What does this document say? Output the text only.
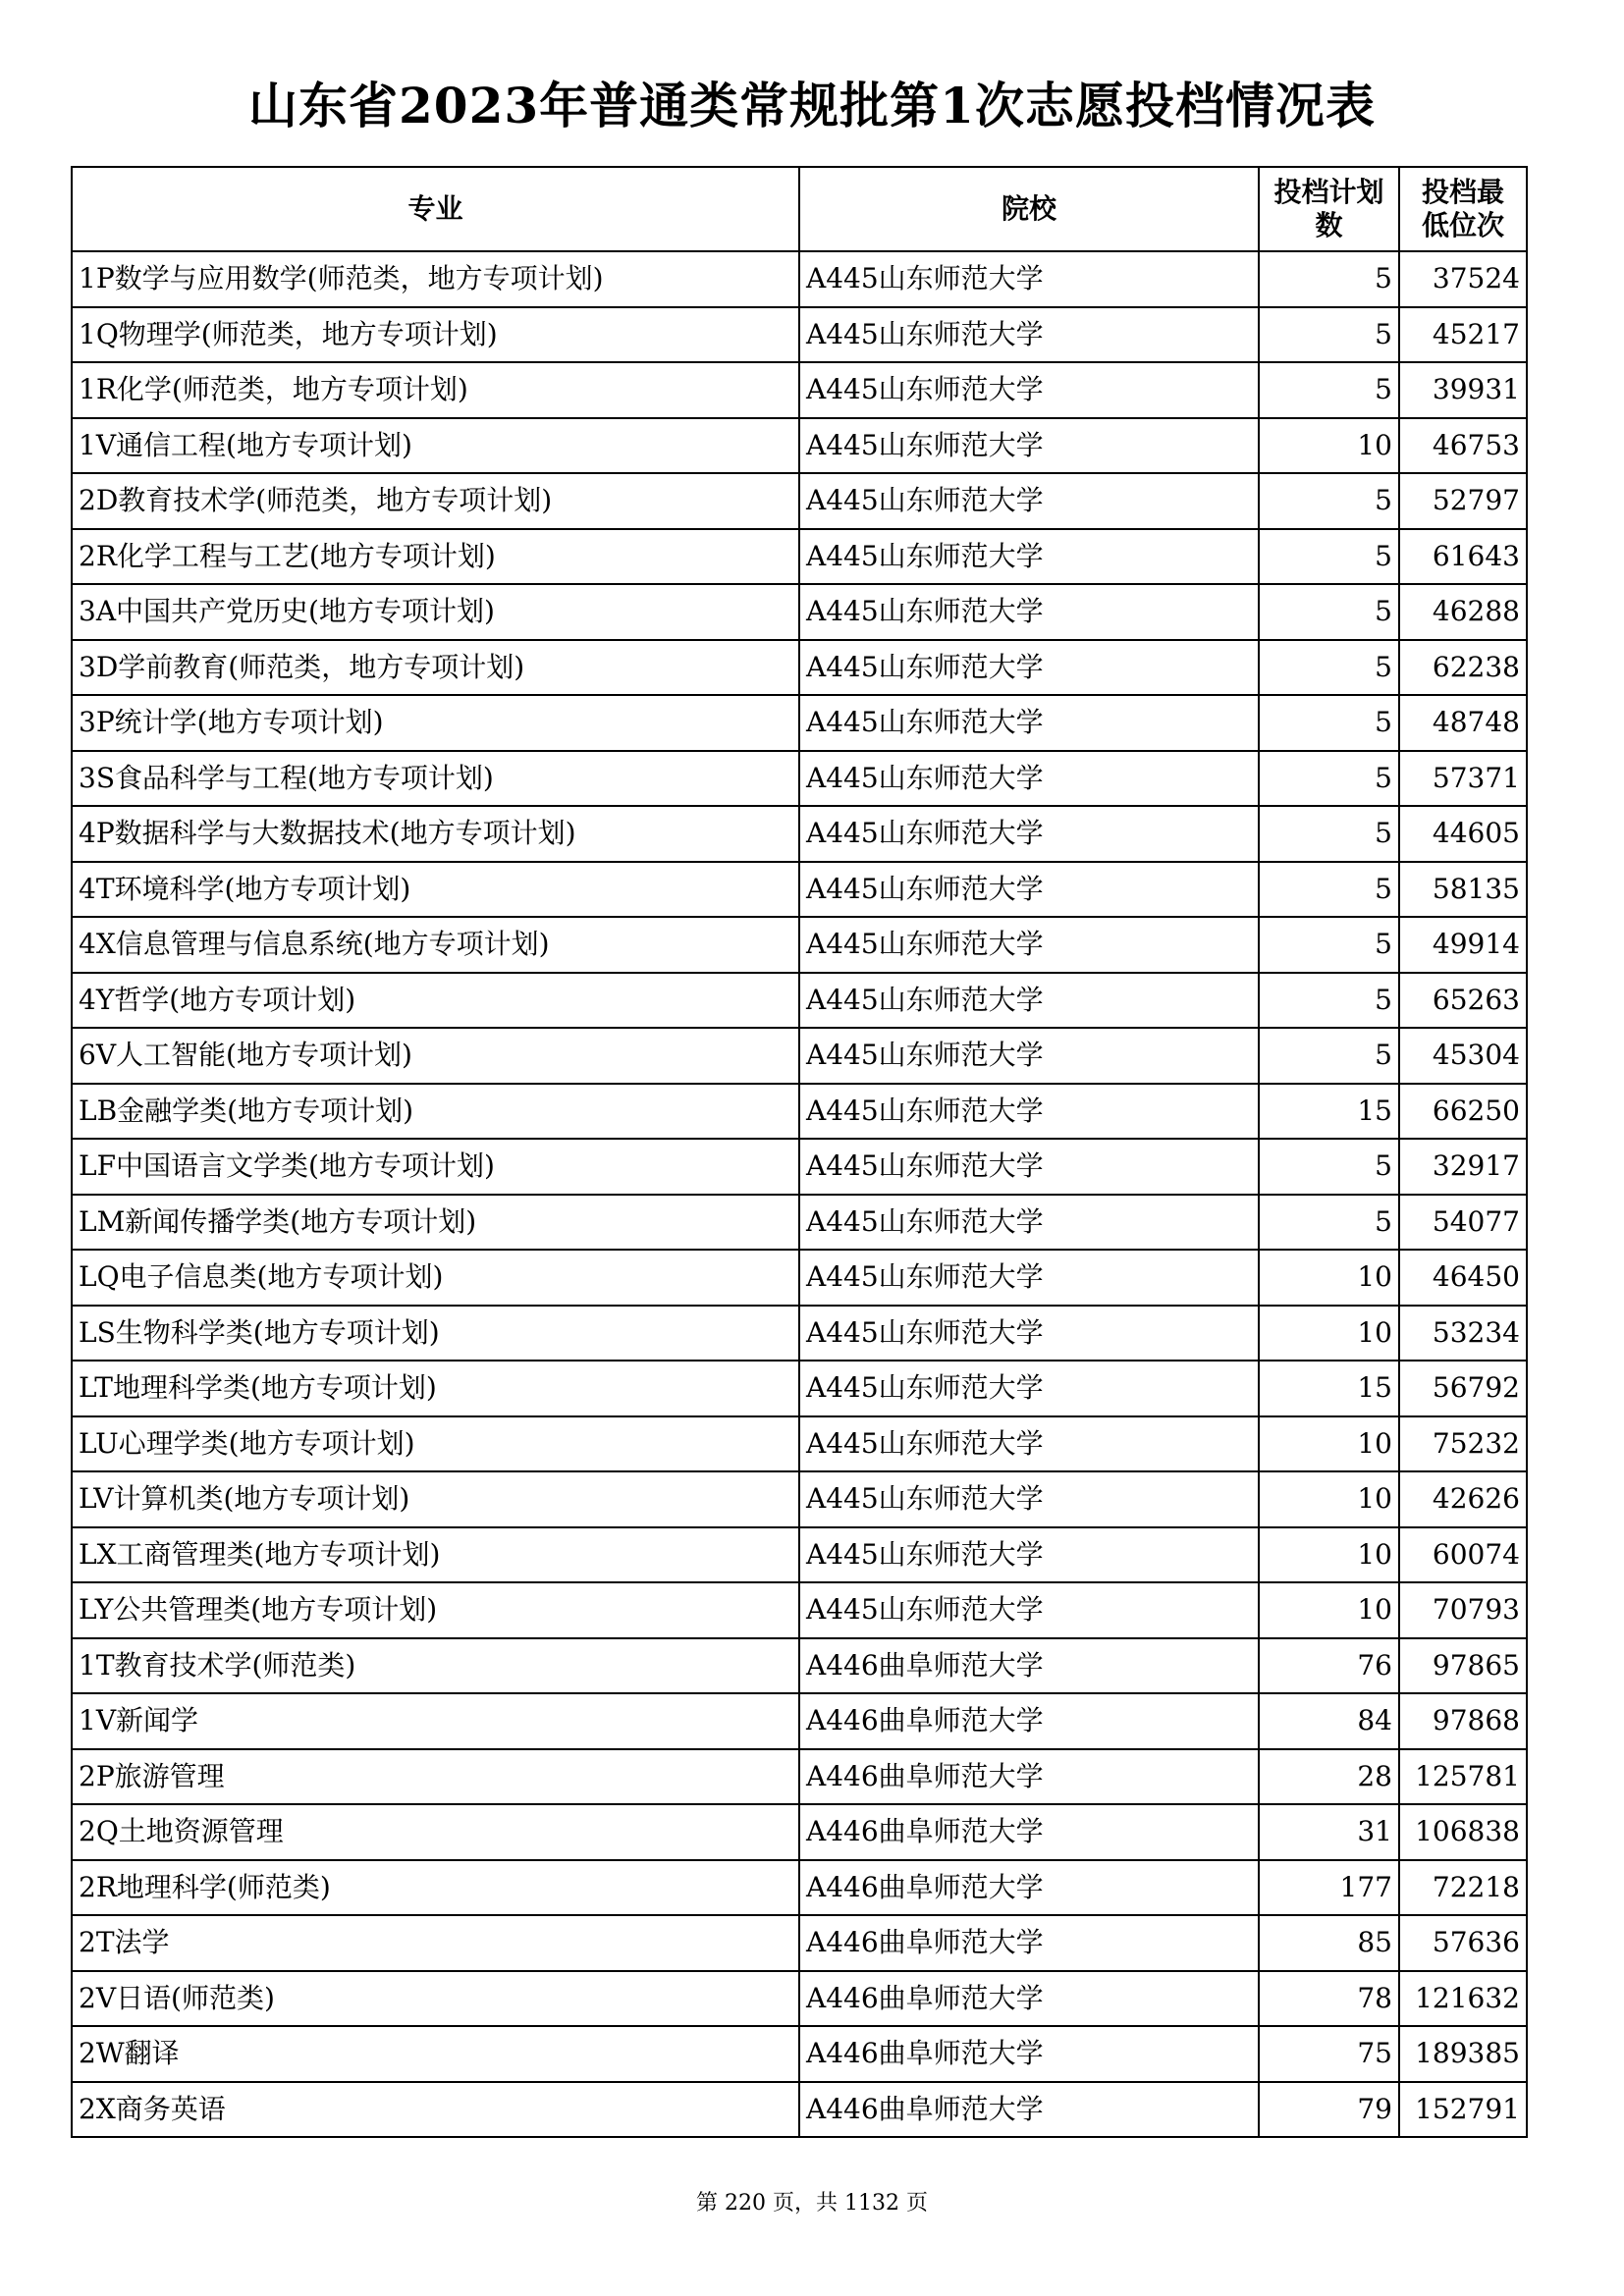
山东省2023年普通类常规批第1次志愿投档情况表
专业	院校	投档计划数	投档最低位次
1P数学与应用数学(师范类，地方专项计划)	A445山东师范大学	5	37524
1Q物理学(师范类，地方专项计划)	A445山东师范大学	5	45217
1R化学(师范类，地方专项计划)	A445山东师范大学	5	39931
1V通信工程(地方专项计划)	A445山东师范大学	10	46753
2D教育技术学(师范类，地方专项计划)	A445山东师范大学	5	52797
2R化学工程与工艺(地方专项计划)	A445山东师范大学	5	61643
3A中国共产党历史(地方专项计划)	A445山东师范大学	5	46288
3D学前教育(师范类，地方专项计划)	A445山东师范大学	5	62238
3P统计学(地方专项计划)	A445山东师范大学	5	48748
3S食品科学与工程(地方专项计划)	A445山东师范大学	5	57371
4P数据科学与大数据技术(地方专项计划)	A445山东师范大学	5	44605
4T环境科学(地方专项计划)	A445山东师范大学	5	58135
4X信息管理与信息系统(地方专项计划)	A445山东师范大学	5	49914
4Y哲学(地方专项计划)	A445山东师范大学	5	65263
6V人工智能(地方专项计划)	A445山东师范大学	5	45304
LB金融学类(地方专项计划)	A445山东师范大学	15	66250
LF中国语言文学类(地方专项计划)	A445山东师范大学	5	32917
LM新闻传播学类(地方专项计划)	A445山东师范大学	5	54077
LQ电子信息类(地方专项计划)	A445山东师范大学	10	46450
LS生物科学类(地方专项计划)	A445山东师范大学	10	53234
LT地理科学类(地方专项计划)	A445山东师范大学	15	56792
LU心理学类(地方专项计划)	A445山东师范大学	10	75232
LV计算机类(地方专项计划)	A445山东师范大学	10	42626
LX工商管理类(地方专项计划)	A445山东师范大学	10	60074
LY公共管理类(地方专项计划)	A445山东师范大学	10	70793
1T教育技术学(师范类)	A446曲阜师范大学	76	97865
1V新闻学	A446曲阜师范大学	84	97868
2P旅游管理	A446曲阜师范大学	28	125781
2Q土地资源管理	A446曲阜师范大学	31	106838
2R地理科学(师范类)	A446曲阜师范大学	177	72218
2T法学	A446曲阜师范大学	85	57636
2V日语(师范类)	A446曲阜师范大学	78	121632
2W翻译	A446曲阜师范大学	75	189385
2X商务英语	A446曲阜师范大学	79	152791
第 220 页，共 1132 页
